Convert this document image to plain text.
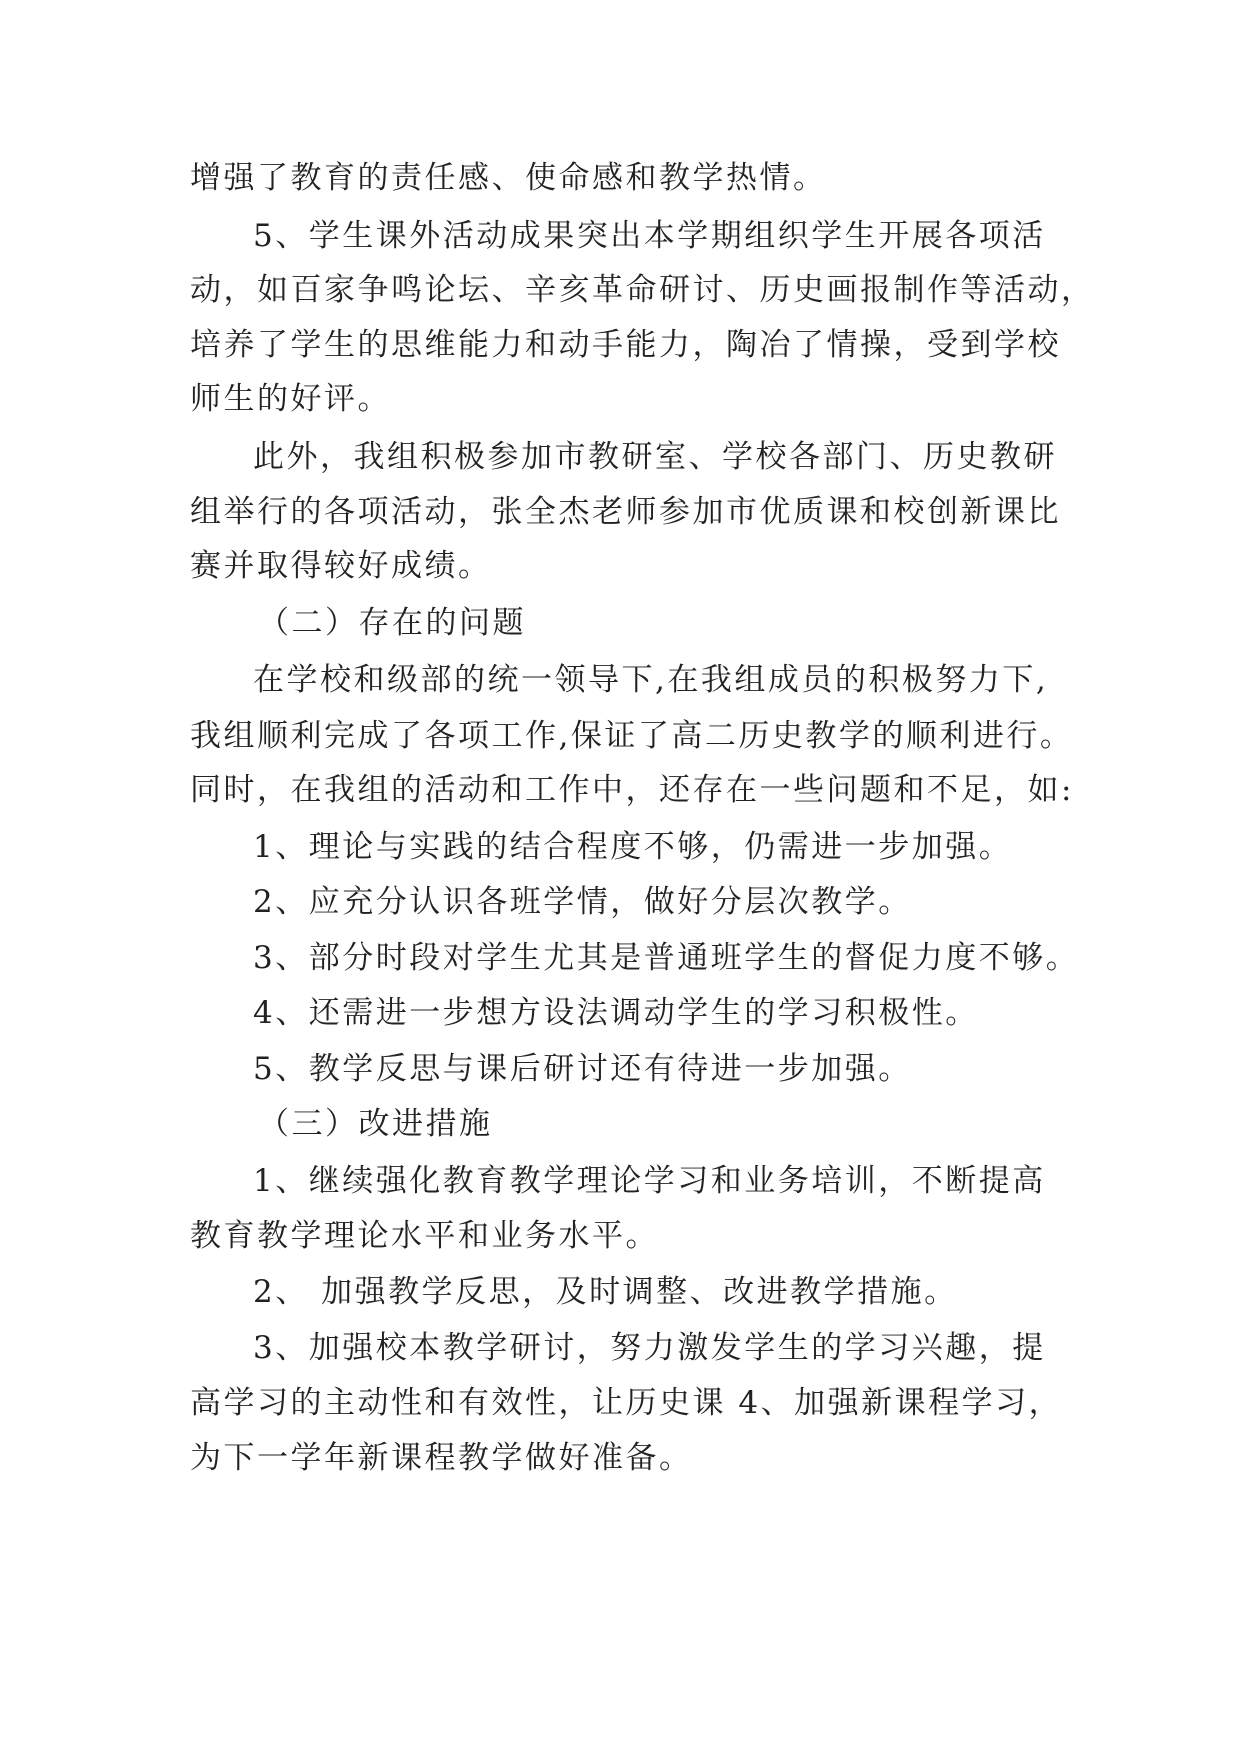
增强了教育的责任感、使命感和教学热情。
5、学生课外活动成果突出本学期组织学生开展各项活
动，如百家争鸣论坛、辛亥革命研讨、历史画报制作等活动，
培养了学生的思维能力和动手能力，陶冶了情操，受到学校
师生的好评。
此外，我组积极参加市教研室、学校各部门、历史教研
组举行的各项活动，张全杰老师参加市优质课和校创新课比
赛并取得较好成绩。
（二）存在的问题
在学校和级部的统一领导下,在我组成员的积极努力下,
我组顺利完成了各项工作,保证了高二历史教学的顺利进行。
同时，在我组的活动和工作中，还存在一些问题和不足，如:
1、理论与实践的结合程度不够，仍需进一步加强。
2、应充分认识各班学情，做好分层次教学。
3、部分时段对学生尤其是普通班学生的督促力度不够。
4、还需进一步想方设法调动学生的学习积极性。
5、教学反思与课后研讨还有待进一步加强。
（三）改进措施
1、继续强化教育教学理论学习和业务培训，不断提高
教育教学理论水平和业务水平。
2、 加强教学反思，及时调整、改进教学措施。
3、加强校本教学研讨，努力激发学生的学习兴趣，提
高学习的主动性和有效性，让历史课 4、加强新课程学习，
为下一学年新课程教学做好准备。
